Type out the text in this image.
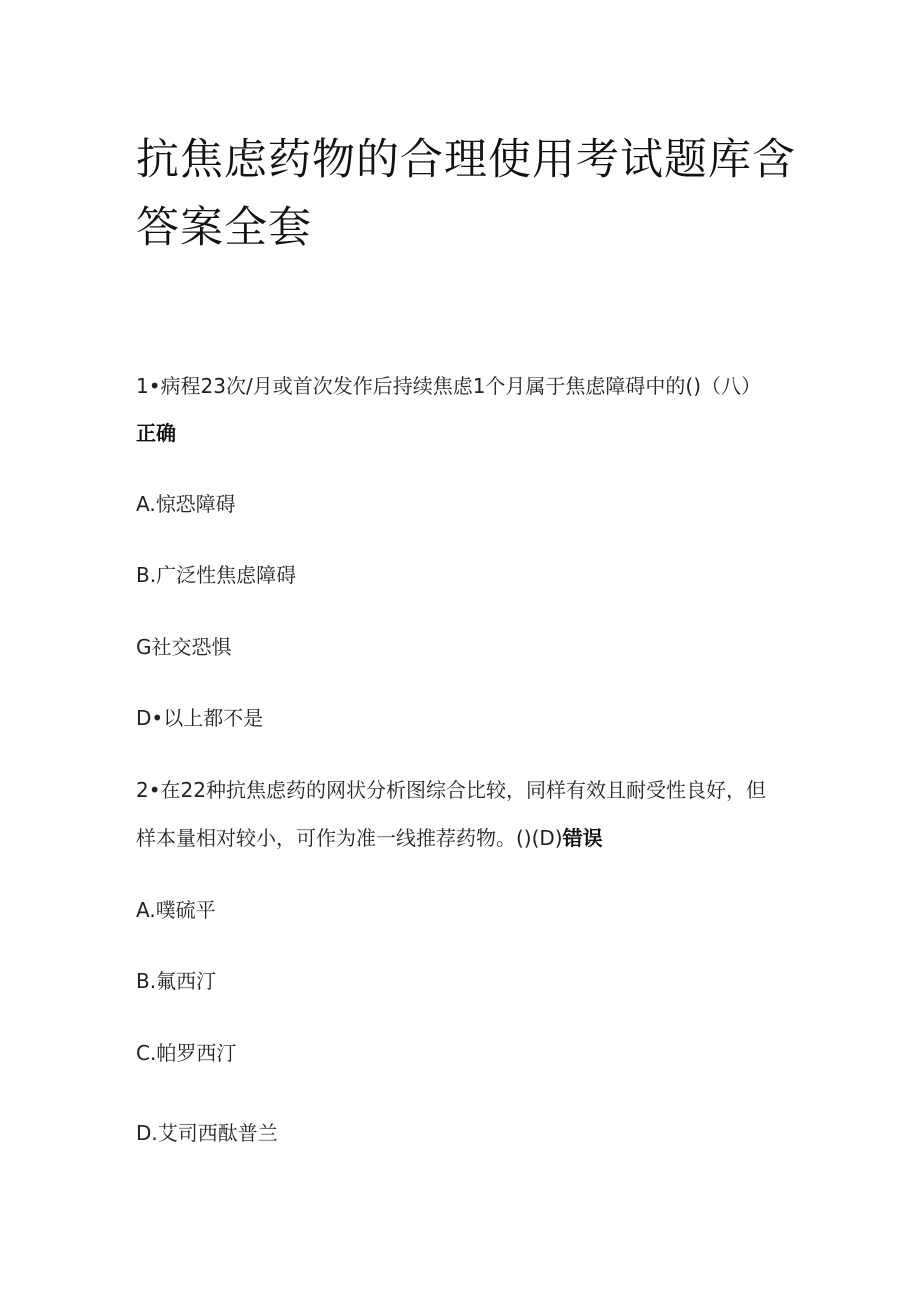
抗焦虑药物的合理使用考试题库含答案全套
1•病程23次/月或首次发作后持续焦虑1个月属于焦虑障碍中的()（八）
正确
A.惊恐障碍
B.广泛性焦虑障碍
G社交恐惧
D•以上都不是
2•在22种抗焦虑药的网状分析图综合比较，同样有效且耐受性良好，但
样本量相对较小，可作为准一线推荐药物。()(D)错误
A.噗硫平
B.氟西汀
C.帕罗西汀
D.艾司西酞普兰
